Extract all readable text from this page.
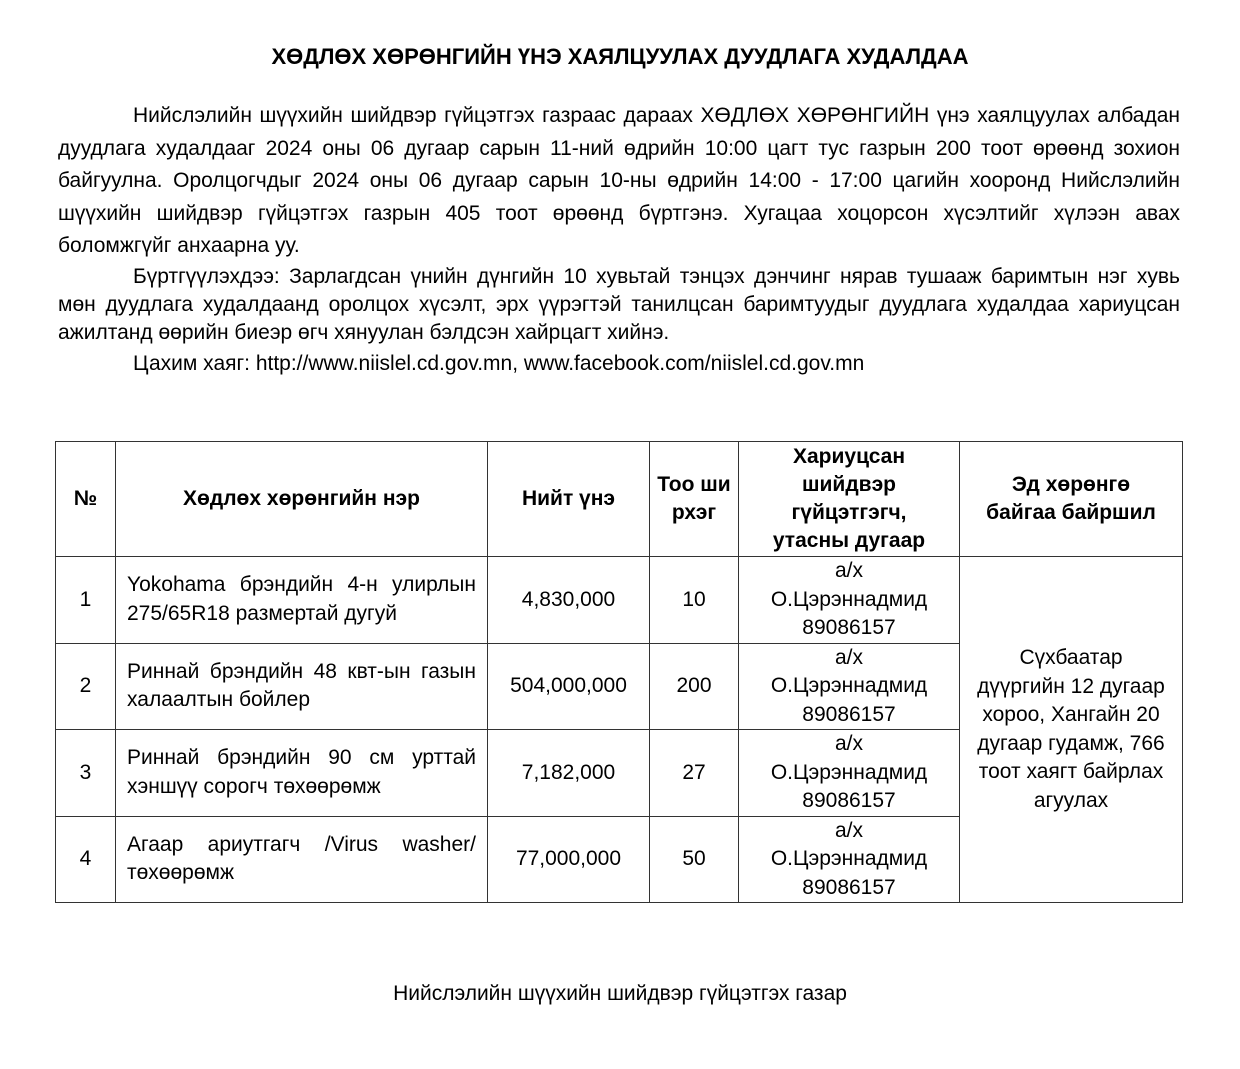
ХӨДЛӨХ ХӨРӨНГИЙН ҮНЭ ХАЯЛЦУУЛАХ ДУУДЛАГА ХУДАЛДАА

Нийслэлийн шүүхийн шийдвэр гүйцэтгэх газраас дараах ХӨДЛӨХ ХӨРӨНГИЙН үнэ хаялцуулах албадан дуудлага худалдааг 2024 оны 06 дугаар сарын 11-ний өдрийн 10:00 цагт тус газрын 200 тоот өрөөнд зохион байгуулна. Оролцогчдыг 2024 оны 06 дугаар сарын 10-ны өдрийн 14:00 - 17:00 цагийн хооронд Нийслэлийн шүүхийн шийдвэр гүйцэтгэх газрын 405 тоот өрөөнд бүртгэнэ. Хугацаа хоцорсон хүсэлтийг хүлээн авах боломжгүйг анхаарна уу.

Бүртгүүлэхдээ: Зарлагдсан үнийн дүнгийн 10 хувьтай тэнцэх дэнчинг нярав тушааж баримтын нэг хувь мөн дуудлага худалдаанд оролцох хүсэлт, эрх үүрэгтэй танилцсан баримтуудыг дуудлага худалдаа хариуцсан ажилтанд өөрийн биеэр өгч хянуулан бэлдсэн хайрцагт хийнэ.

Цахим хаяг: http://www.niislel.cd.gov.mn, www.facebook.com/niislel.cd.gov.mn

№	Хөдлөх хөрөнгийн нэр	Нийт үнэ	Тоо ширхэг	Хариуцсан шийдвэр гүйцэтгэгч, утасны дугаар	Эд хөрөнгө байгаа байршил
1	Yokohama брэндийн 4-н улирлын 275/65R18 размертай дугуй	4,830,000	10	а/х О.Цэрэннадмид 89086157	Сүхбаатар дүүргийн 12 дугаар хороо, Хангайн 20 дугаар гудамж, 766 тоот хаягт байрлах агуулах
2	Риннай брэндийн 48 квт-ын газын халаалтын бойлер	504,000,000	200	а/х О.Цэрэннадмид 89086157	
3	Риннай брэндийн 90 см урттай хэншүү сорогч төхөөрөмж	7,182,000	27	а/х О.Цэрэннадмид 89086157	
4	Агаар ариутгагч /Virus washer/ төхөөрөмж	77,000,000	50	а/х О.Цэрэннадмид 89086157	
Нийслэлийн шүүхийн шийдвэр гүйцэтгэх газар
